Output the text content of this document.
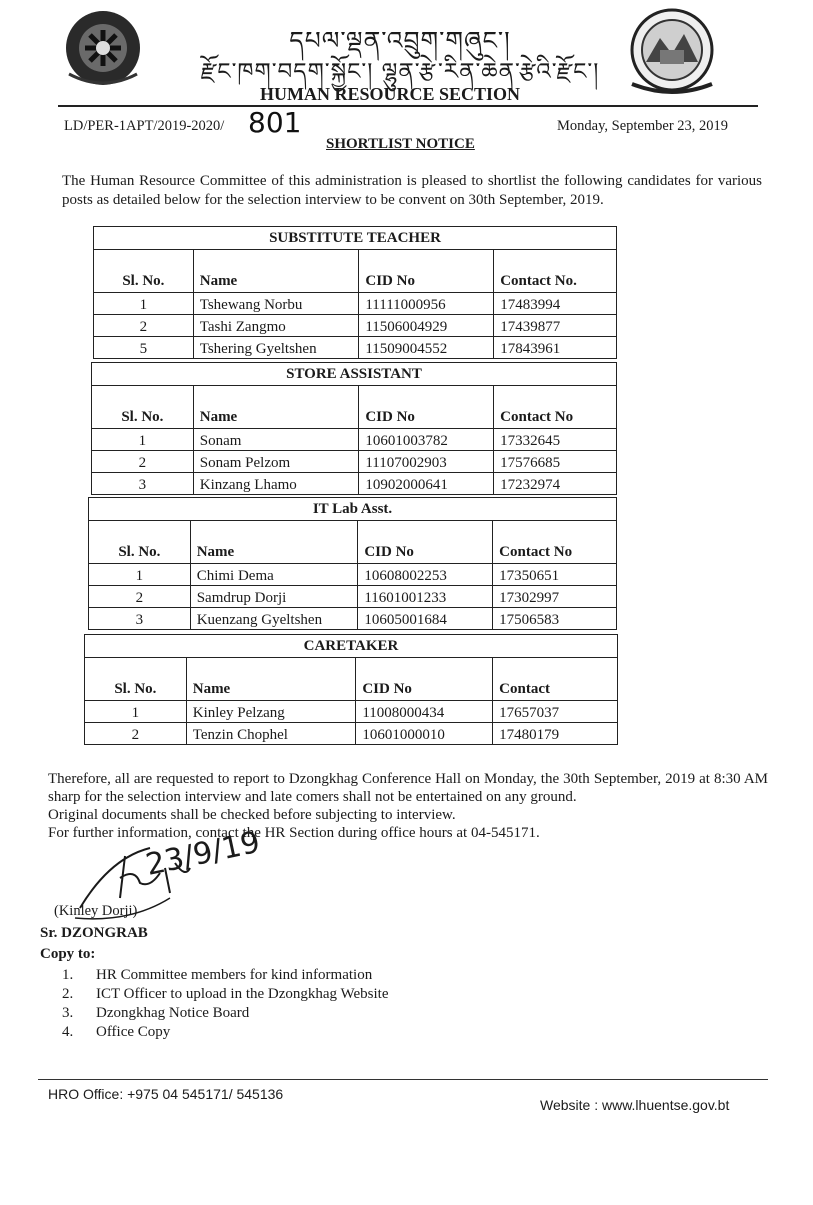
དཔལ་ལྡན་འབྲུག་གཞུང་།
རྫོང་ཁག་བདག་སྐྱོང་། ལྷུན་རྩེ་རིན་ཆེན་རྩེའི་རྫོང་།
HUMAN RESOURCE SECTION
LD/PER-1APT/2019-2020/ 801	Monday, September 23, 2019
SHORTLIST NOTICE
The Human Resource Committee of this administration is pleased to shortlist the following candidates for various posts as detailed below for the selection interview to be convent on 30th September, 2019.
SUBSTITUTE TEACHER			
Sl. No.	Name	CID No	Contact No.
1	Tshewang Norbu	11111000956	17483994
2	Tashi Zangmo	11506004929	17439877
5	Tshering Gyeltshen	11509004552	17843961
STORE ASSISTANT			
Sl. No.	Name	CID No	Contact No
1	Sonam	10601003782	17332645
2	Sonam Pelzom	11107002903	17576685
3	Kinzang Lhamo	10902000641	17232974
IT Lab Asst.			
Sl. No.	Name	CID No	Contact No
1	Chimi Dema	10608002253	17350651
2	Samdrup Dorji	11601001233	17302997
3	Kuenzang Gyeltshen	10605001684	17506583
CARETAKER			
Sl. No.	Name	CID No	Contact
1	Kinley Pelzang	11008000434	17657037
2	Tenzin Chophel	10601000010	17480179

Therefore, all are requested to report to Dzongkhag Conference Hall on Monday, the 30th September, 2019 at 8:30 AM sharp for the selection interview and late comers shall not be entertained on any ground.

Original documents shall be checked before subjecting to interview.

For further information, contact the HR Section during office hours at 04-545171.

23/9/19
(Kinley Dorji)
Sr. DZONGRAB
Copy to:
1.	HR Committee members for kind information
2.	ICT Officer to upload in the Dzongkhag Website
3.	Dzongkhag Notice Board
4.	Office Copy
HRO Office: +975 04 545171/ 545136
Website : www.lhuentse.gov.bt
